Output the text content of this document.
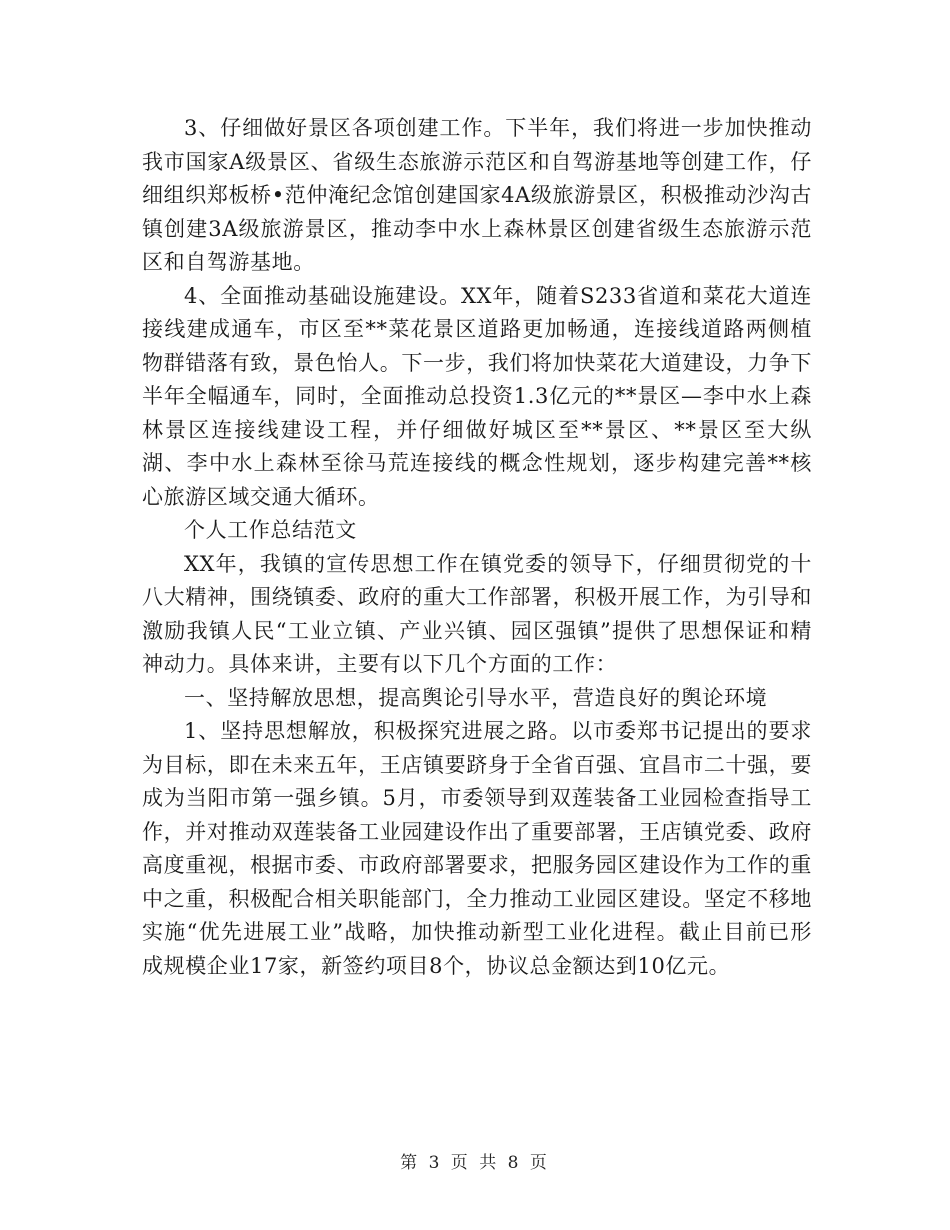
3、仔细做好景区各项创建工作。下半年，我们将进一步加快推动我市国家A级景区、省级生态旅游示范区和自驾游基地等创建工作，仔细组织郑板桥•范仲淹纪念馆创建国家4A级旅游景区，积极推动沙沟古镇创建3A级旅游景区，推动李中水上森林景区创建省级生态旅游示范区和自驾游基地。

4、全面推动基础设施建设。XX年，随着S233省道和菜花大道连接线建成通车，市区至**菜花景区道路更加畅通，连接线道路两侧植物群错落有致，景色怡人。下一步，我们将加快菜花大道建设，力争下半年全幅通车，同时，全面推动总投资1.3亿元的**景区—李中水上森林景区连接线建设工程，并仔细做好城区至**景区、**景区至大纵湖、李中水上森林至徐马荒连接线的概念性规划，逐步构建完善**核心旅游区域交通大循环。

个人工作总结范文

XX年，我镇的宣传思想工作在镇党委的领导下，仔细贯彻党的十八大精神，围绕镇委、政府的重大工作部署，积极开展工作，为引导和激励我镇人民“工业立镇、产业兴镇、园区强镇”提供了思想保证和精神动力。具体来讲，主要有以下几个方面的工作：

一、坚持解放思想，提高舆论引导水平，营造良好的舆论环境

1、坚持思想解放，积极探究进展之路。以市委郑书记提出的要求为目标，即在未来五年，王店镇要跻身于全省百强、宜昌市二十强，要成为当阳市第一强乡镇。5月，市委领导到双莲装备工业园检查指导工作，并对推动双莲装备工业园建设作出了重要部署，王店镇党委、政府高度重视，根据市委、市政府部署要求，把服务园区建设作为工作的重中之重，积极配合相关职能部门，全力推动工业园区建设。坚定不移地实施“优先进展工业”战略，加快推动新型工业化进程。截止目前已形成规模企业17家，新签约项目8个，协议总金额达到10亿元。

第 3 页 共 8 页
